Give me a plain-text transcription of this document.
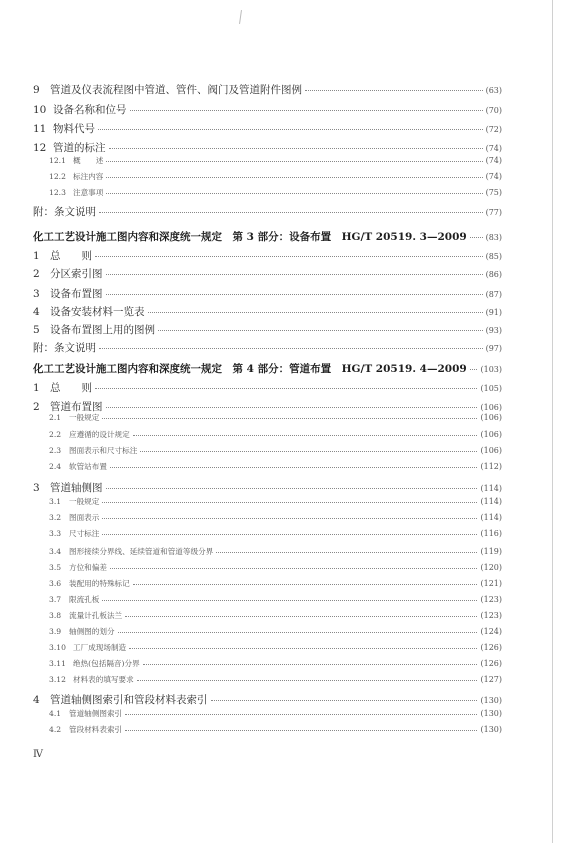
9 管道及仪表流程图中管道、管件、阀门及管道附件图例	(63)
10 设备名称和位号	(70)
11 物料代号	(72)
12 管道的标注	(74)
12.1 概　　述	(74)
12.2 标注内容	(74)
12.3 注意事项	(75)
附：条文说明	(77)
化工工艺设计施工图内容和深度统一规定　第 3 部分：设备布置　HG/T 20519. 3—2009 (83)
1 总　　则	(85)
2 分区索引图	(86)
3 设备布置图	(87)
4 设备安装材料一览表	(91)
5 设备布置图上用的图例	(93)
附：条文说明	(97)
化工工艺设计施工图内容和深度统一规定　第 4 部分：管道布置　HG/T 20519. 4—2009 (103)
1 总　　则	(105)
2 管道布置图	(106)
2.1	一般规定	(106)
2.2	应遵循的设计规定	(106)
2.3	图面表示和尺寸标注	(106)
2.4	软管站布置	(112)
3 管道轴侧图	(114)
3.1	一般规定	(114)
3.2	图面表示	(114)
3.3	尺寸标注	(116)
3.4	图形接续分界线、延续管道和管道等级分界	(119)
3.5	方位和偏差	(120)
3.6	装配用的特殊标记	(121)
3.7	限流孔板	(123)
3.8	流量计孔板法兰	(123)
3.9	轴侧图的划分	(124)
3.10 工厂成现场制造	(126)
3.11 绝热(包括隔音)分界	(126)
3.12 材料表的填写要求	(127)
4 管道轴侧图索引和管段材料表索引	(130)
4.1	管道轴侧图索引	(130)
4.2	管段材料表索引	(130)
Ⅳ
